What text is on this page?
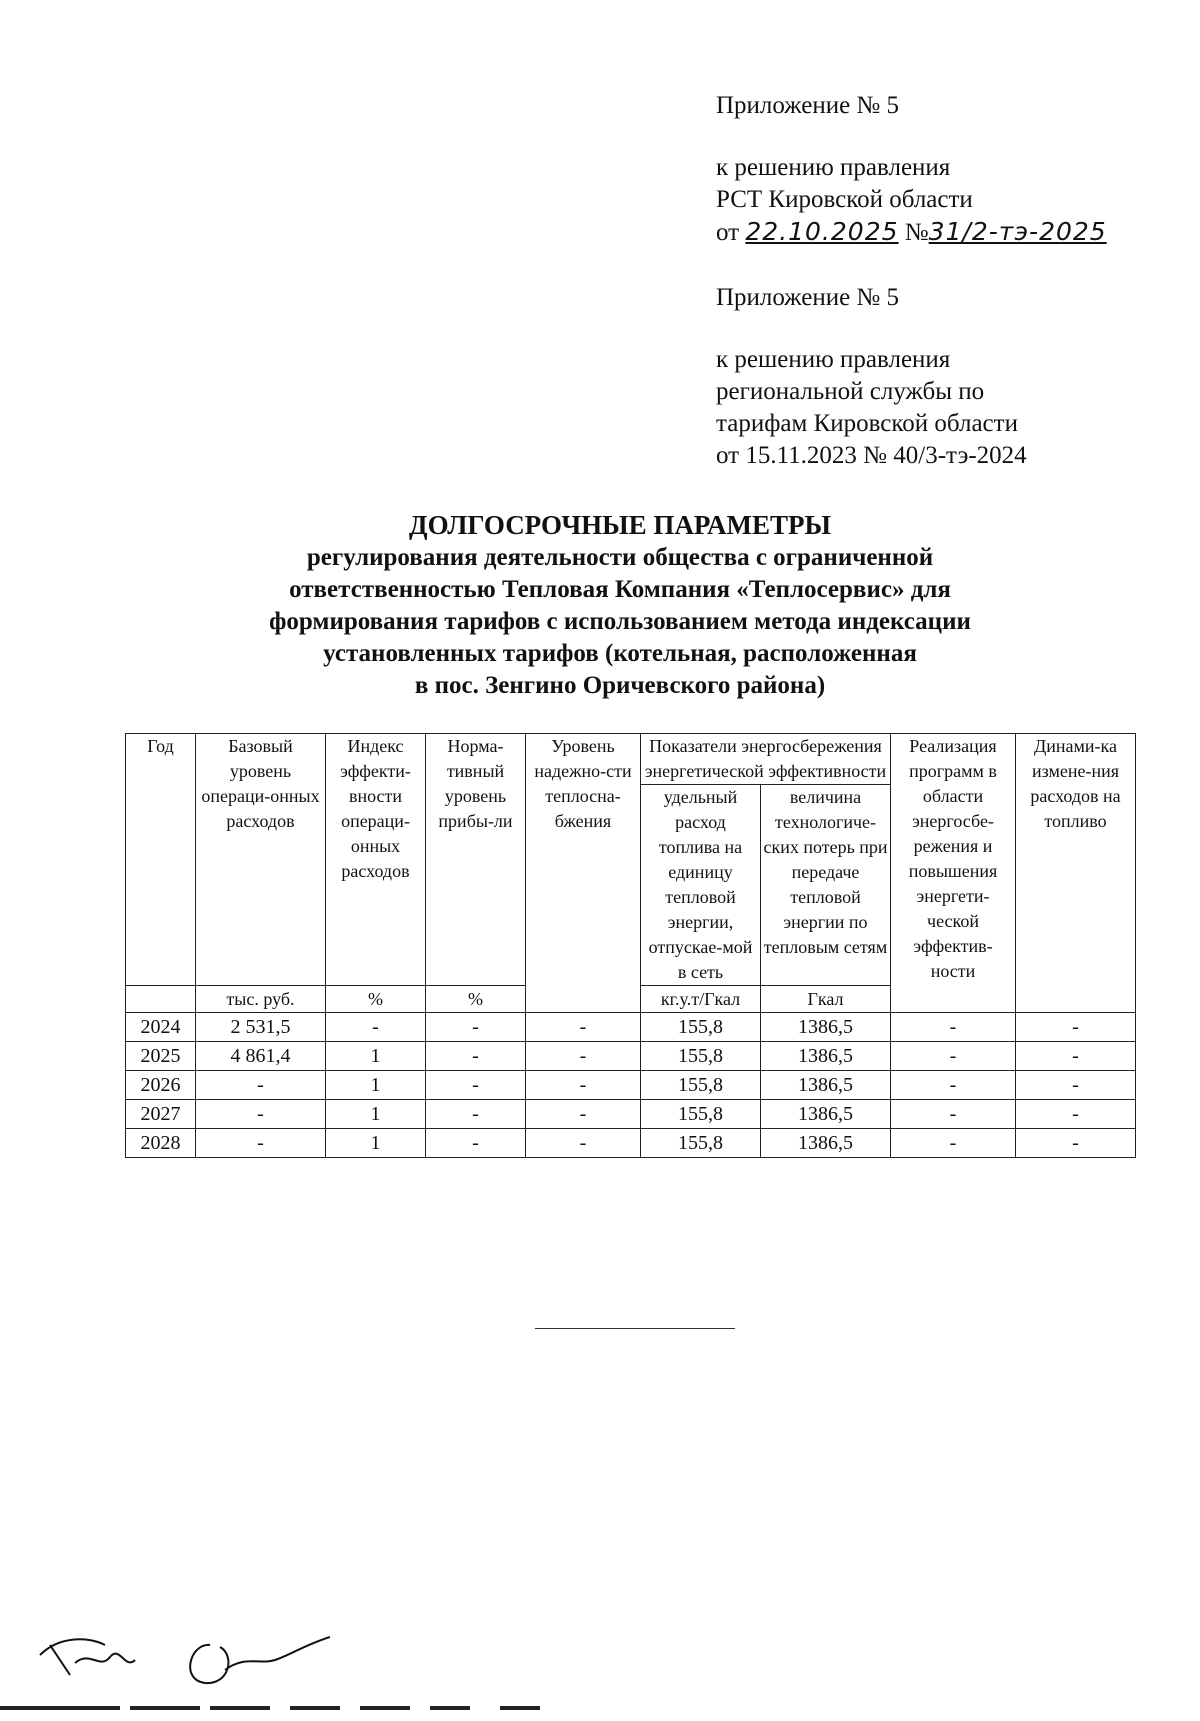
Приложение № 5

к решению правления

РСТ Кировской области

от 22.10.2025 №31/2-тэ-2025

Приложение № 5

к решению правления

региональной службы по

тарифам Кировской области

от 15.11.2023 № 40/3-тэ-2024

ДОЛГОСРОЧНЫЕ ПАРАМЕТРЫ

регулирования деятельности общества с ограниченной

ответственностью Тепловая Компания «Теплосервис» для

формирования тарифов с использованием метода индексации

установленных тарифов (котельная, расположенная

в пос. Зенгино Оричевского района)

Год	Базовый уровень операци-онных расходов	Индекс эффекти-вности операци-онных расходов	Норма-тивный уровень прибы-ли	Уровень надежно-сти теплосна-бжения	Показатели энергосбережения энергетической эффективности		Реализация программ в области энергосбе-режения и повышения энергети-ческой эффектив-ности	Динами-ка измене-ния расходов на топливо
					удельный расход топлива на единицу тепловой энергии, отпускае-мой в сеть	величина технологиче-ских потерь при передаче тепловой энергии по тепловым сетям		
	тыс. руб.	%	%		кг.у.т/Гкал	Гкал		
2024	2 531,5	-	-	-	155,8	1386,5	-	-
2025	4 861,4	1	-	-	155,8	1386,5	-	-
2026	-	1	-	-	155,8	1386,5	-	-
2027	-	1	-	-	155,8	1386,5	-	-
2028	-	1	-	-	155,8	1386,5	-	-
